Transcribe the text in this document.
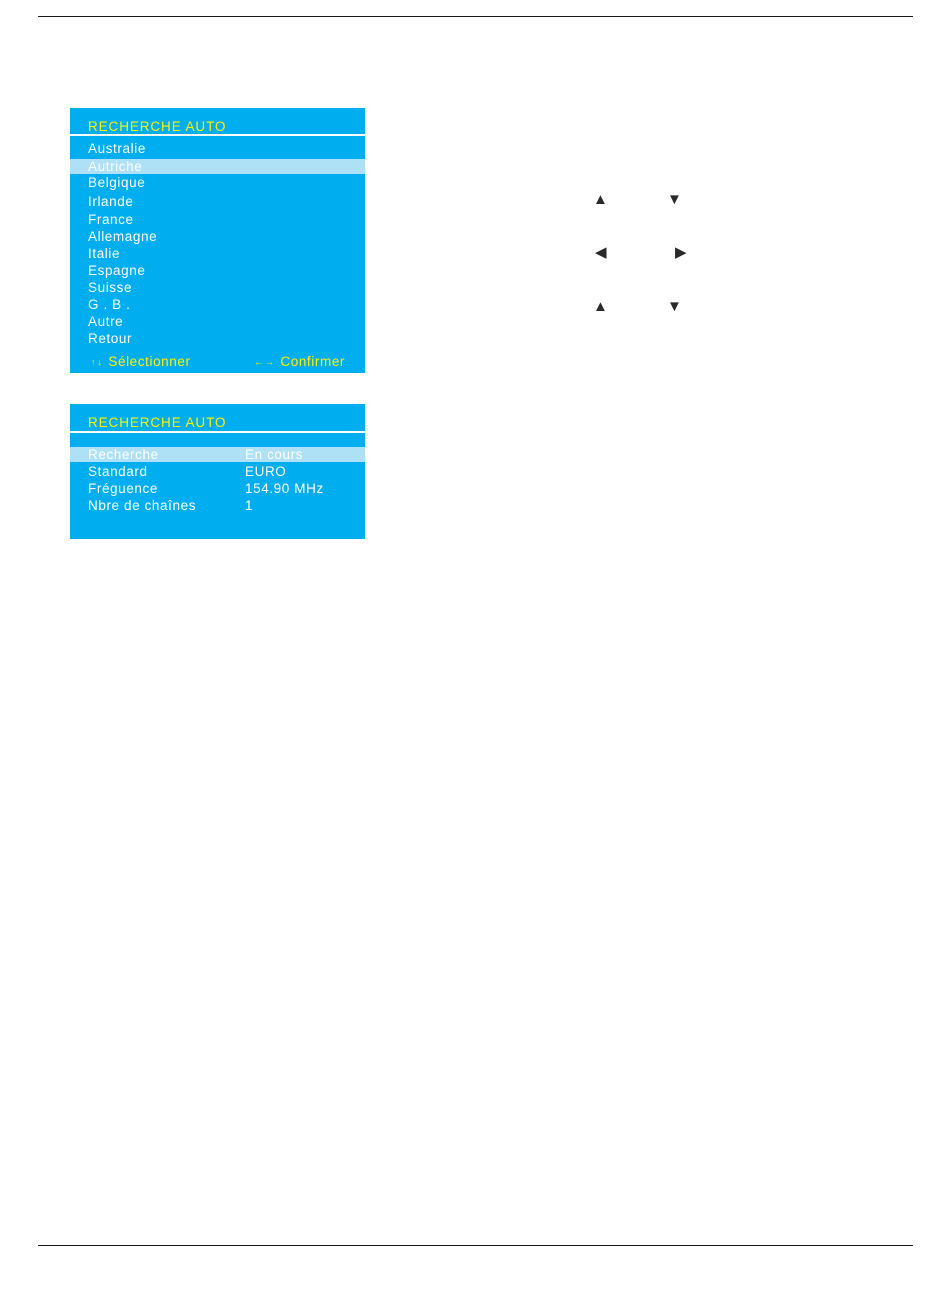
RECHERCHE AUTO
Australie
Autriche
Belgique
Irlande
France
Allemagne
Italie
Espagne
Suisse
G . B .
Autre
Retour
↑↓ Sélectionner	←→ Confirmer
RECHERCHE AUTO
Recherche	En cours
Standard	EURO
Fréguence	154.90 MHz
Nbre de chaînes	1
▲	▼
◀	▶
▲	▼
